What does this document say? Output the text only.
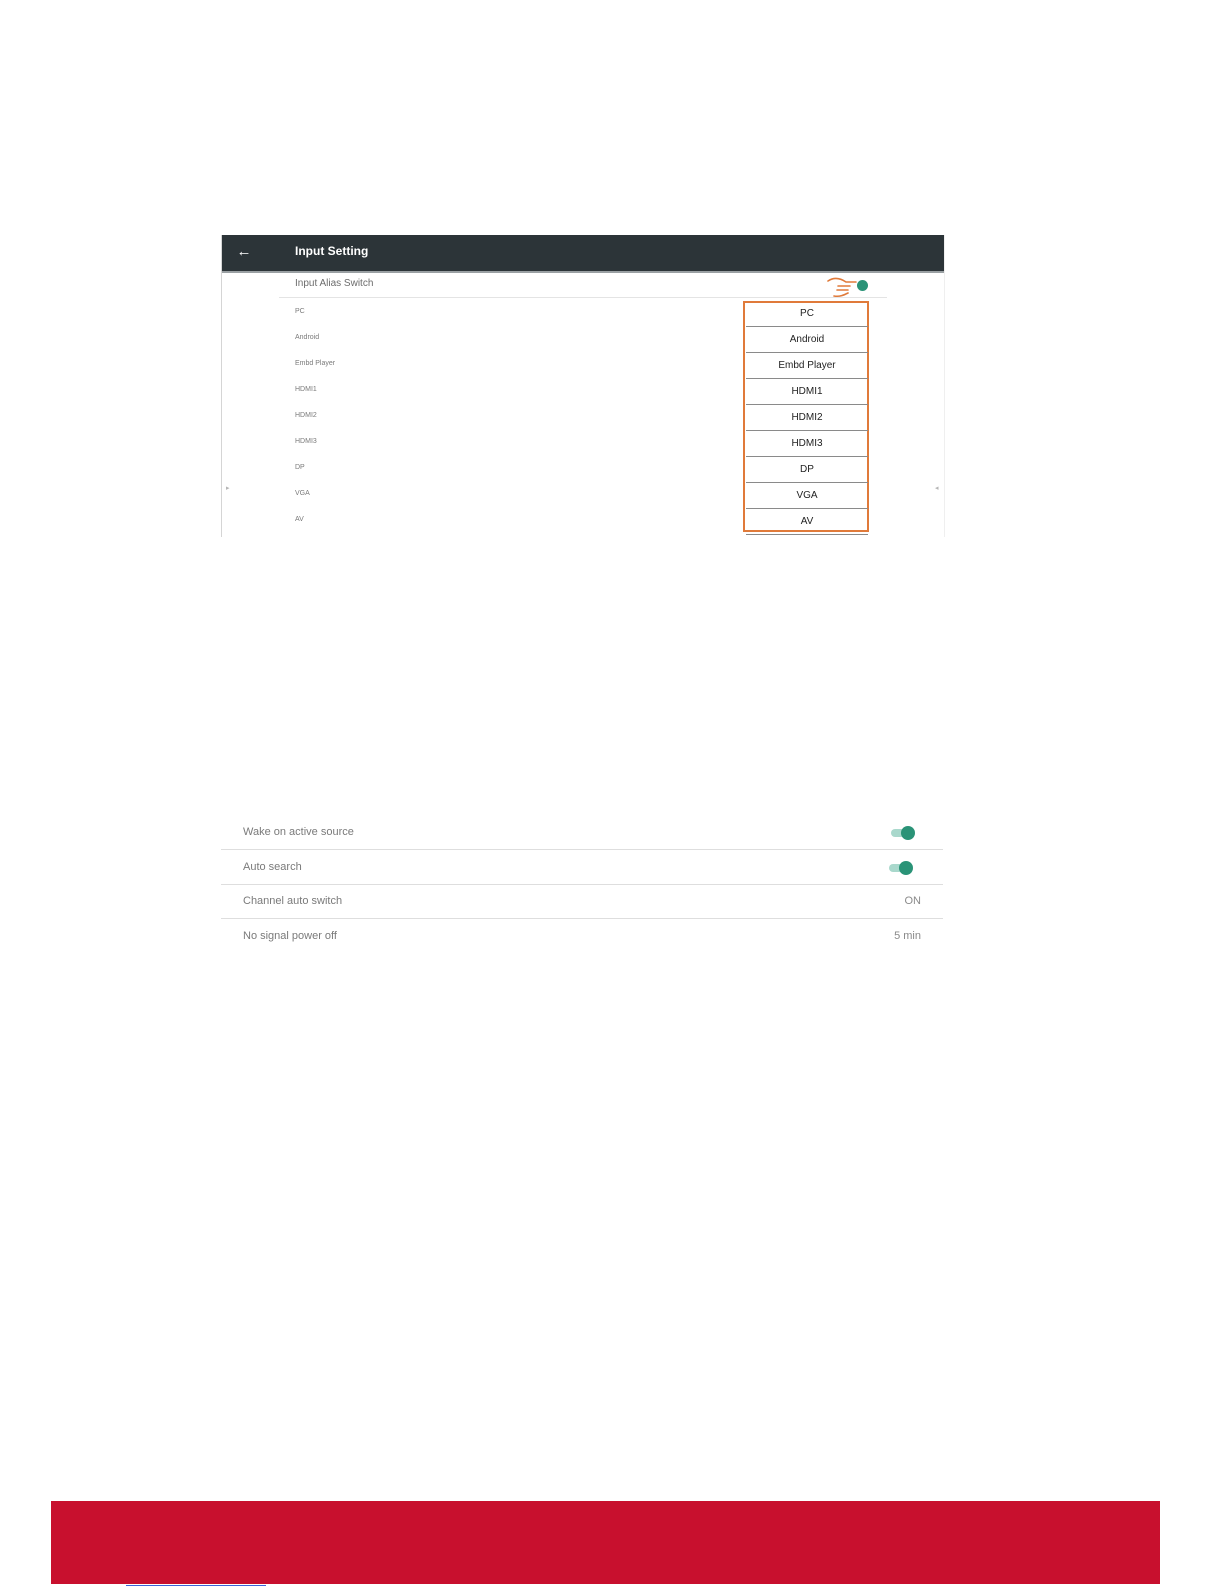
←	Input Setting
Input Alias Switch
PC	PC
Android	Android
Embd Player	Embd Player
HDMI1	HDMI1
HDMI2	HDMI2
HDMI3	HDMI3
DP	DP
VGA	VGA
AV	AV
▸	◂
Wake on active source
Auto search
Channel auto switch	ON
No signal power off	5 min
